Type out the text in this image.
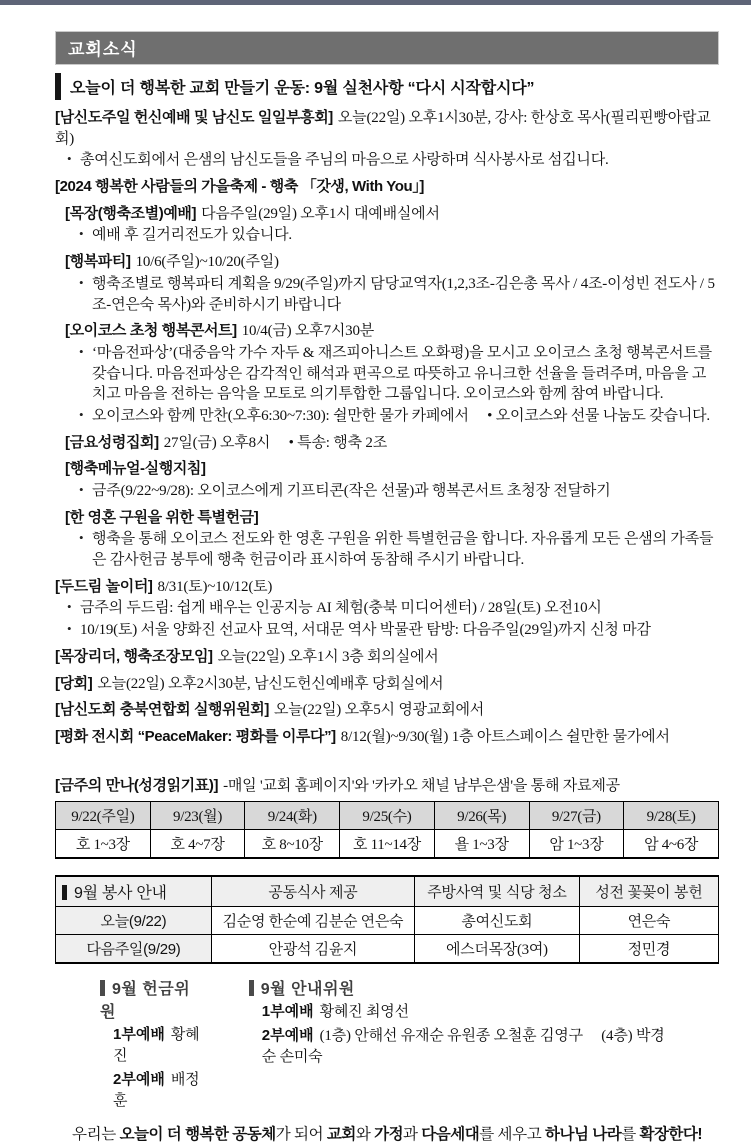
교회소식
오늘이 더 행복한 교회 만들기 운동: 9월 실천사항 “다시 시작합시다”

[남신도주일 헌신예배 및 남신도 일일부흥회] 오늘(22일) 오후1시30분, 강사: 한상호 목사(필리핀빵아랍교회)

• 총여신도회에서 은샘의 남신도들을 주님의 마음으로 사랑하며 식사봉사로 섬깁니다.

[2024 행복한 사람들의 가을축제 - 행축 「갓생, With You」]

[목장(행축조별)예배] 다음주일(29일) 오후1시 대예배실에서

• 예배 후 길거리전도가 있습니다.

[행복파티] 10/6(주일)~10/20(주일)

• 행축조별로 행복파티 계획을 9/29(주일)까지 담당교역자(1,2,3조-김은총 목사 / 4조-이성빈 전도사 / 5조-연은숙 목사)와 준비하시기 바랍니다

[오이코스 초청 행복콘서트] 10/4(금) 오후7시30분

• ‘마음전파상’(대중음악 가수 자두 & 재즈피아니스트 오화평)을 모시고 오이코스 초청 행복콘서트를 갖습니다. 마음전파상은 감각적인 해석과 편곡으로 따뜻하고 유니크한 선율을 들려주며, 마음을 고치고 마음을 전하는 음악을 모토로 의기투합한 그룹입니다. 오이코스와 함께 참여 바랍니다.

• 오이코스와 함께 만찬(오후6:30~7:30): 쉴만한 물가 카페에서　 • 오이코스와 선물 나눔도 갖습니다.

[금요성령집회] 27일(금) 오후8시　 • 특송: 행축 2조

[행축메뉴얼-실행지침]

• 금주(9/22~9/28): 오이코스에게 기프티콘(작은 선물)과 행복콘서트 초청장 전달하기

[한 영혼 구원을 위한 특별헌금]

• 행축을 통해 오이코스 전도와 한 영혼 구원을 위한 특별헌금을 합니다. 자유롭게 모든 은샘의 가족들은 감사헌금 봉투에 행축 헌금이라 표시하여 동참해 주시기 바랍니다.

[두드림 놀이터] 8/31(토)~10/12(토)

• 금주의 두드림: 쉽게 배우는 인공지능 AI 체험(충북 미디어센터) / 28일(토) 오전10시

• 10/19(토) 서울 양화진 선교사 묘역, 서대문 역사 박물관 탐방: 다음주일(29일)까지 신청 마감

[목장리더, 행축조장모임] 오늘(22일) 오후1시 3층 회의실에서

[당회] 오늘(22일) 오후2시30분, 남신도헌신예배후 당회실에서

[남신도회 충북연합회 실행위원회] 오늘(22일) 오후5시 영광교회에서

[평화 전시회 “PeaceMaker: 평화를 이루다”] 8/12(월)~9/30(월) 1층 아트스페이스 쉴만한 물가에서

[금주의 만나(성경읽기표)] -매일 '교회 홈페이지'와 '카카오 채널 남부은샘'을 통해 자료제공

9/22(주일)	9/23(월)	9/24(화)	9/25(수)	9/26(목)	9/27(금)	9/28(토)
호 1~3장	호 4~7장	호 8~10장	호 11~14장	욜 1~3장	암 1~3장	암 4~6장
9월 봉사 안내	공동식사 제공	주방사역 및 식당 청소	성전 꽃꽂이 봉헌
오늘(9/22)	김순영 한순예 김분순 연은숙	총여신도회	연은숙
다음주일(9/29)	안광석 김윤지	에스더목장(3여)	정민경
9월 헌금위원
1부예배 황혜진
2부예배 배정훈
9월 안내위원
1부예배 황혜진 최영선
2부예배 (1층) 안해선 유재순 유원종 오철훈 김영구　 (4층) 박경순 손미숙
우리는 오늘이 더 행복한 공동체가 되어 교회와 가정과 다음세대를 세우고 하나님 나라를 확장한다!
